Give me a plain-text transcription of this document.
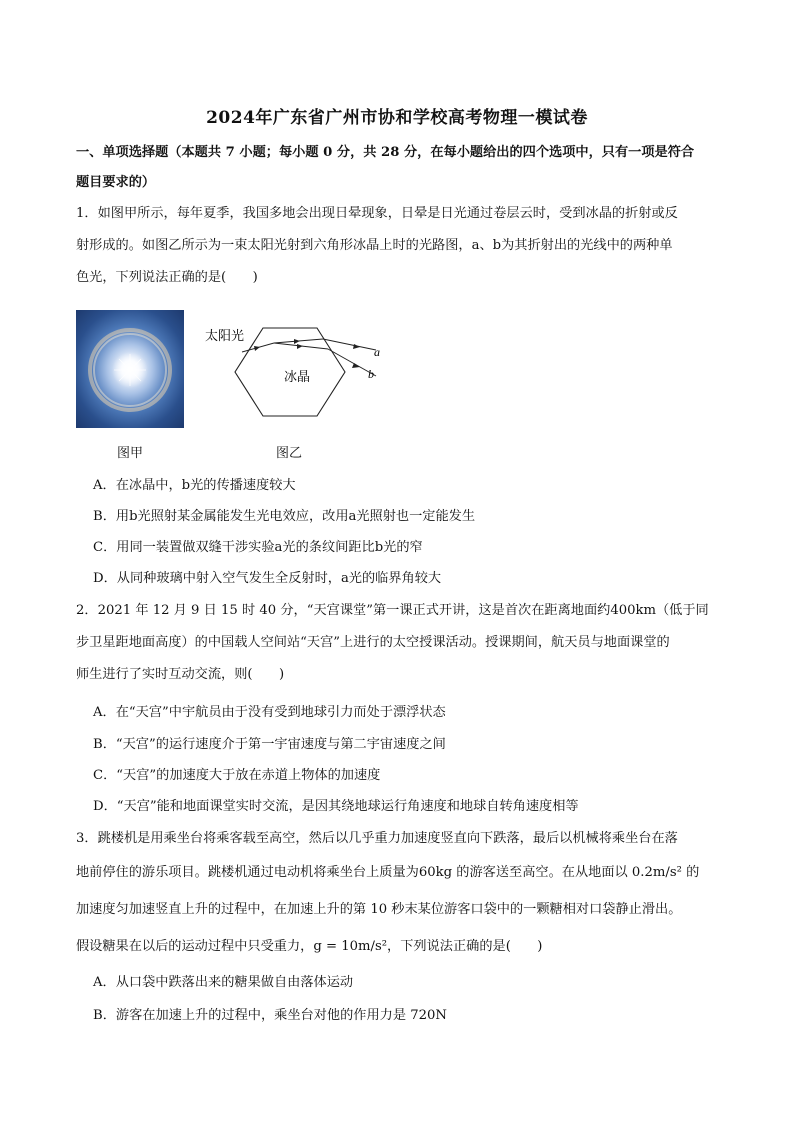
2024年广东省广州市协和学校高考物理一模试卷
一、单项选择题（本题共 7 小题；每小题 0 分，共 28 分，在每小题给出的四个选项中，只有一项是符合
题目要求的）
1．如图甲所示，每年夏季，我国多地会出现日晕现象，日晕是日光通过卷层云时，受到冰晶的折射或反
射形成的。如图乙所示为一束太阳光射到六角形冰晶上时的光路图，a、b为其折射出的光线中的两种单
色光，下列说法正确的是(　　)
太阳光
冰晶
a
b
图甲	图乙
A．在冰晶中，b光的传播速度较大
B．用b光照射某金属能发生光电效应，改用a光照射也一定能发生
C．用同一装置做双缝干涉实验a光的条纹间距比b光的窄
D．从同种玻璃中射入空气发生全反射时，a光的临界角较大
2．2021 年 12 月 9 日 15 时 40 分，“天宫课堂”第一课正式开讲，这是首次在距离地面约400km（低于同
步卫星距地面高度）的中国载人空间站“天宫”上进行的太空授课活动。授课期间，航天员与地面课堂的
师生进行了实时互动交流，则(　　)
A．在“天宫”中宇航员由于没有受到地球引力而处于漂浮状态
B．“天宫”的运行速度介于第一宇宙速度与第二宇宙速度之间
C．“天宫”的加速度大于放在赤道上物体的加速度
D．“天宫”能和地面课堂实时交流，是因其绕地球运行角速度和地球自转角速度相等
3．跳楼机是用乘坐台将乘客载至高空，然后以几乎重力加速度竖直向下跌落，最后以机械将乘坐台在落
地前停住的游乐项目。跳楼机通过电动机将乘坐台上质量为60kg 的游客送至高空。在从地面以 0.2m/s² 的
加速度匀加速竖直上升的过程中，在加速上升的第 10 秒末某位游客口袋中的一颗糖相对口袋静止滑出。
假设糖果在以后的运动过程中只受重力，g = 10m/s²，下列说法正确的是(　　)
A．从口袋中跌落出来的糖果做自由落体运动
B．游客在加速上升的过程中，乘坐台对他的作用力是 720N
